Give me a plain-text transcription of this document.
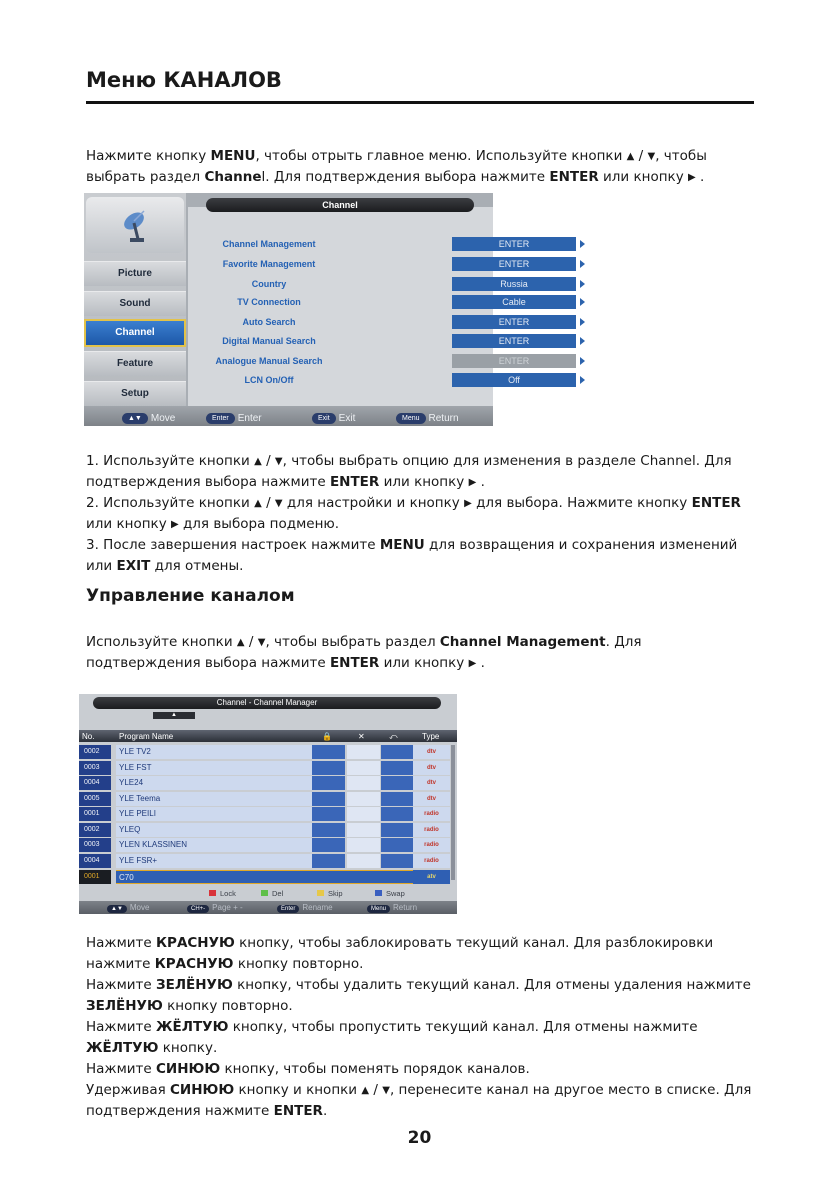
Меню КАНАЛОВ
Нажмите кнопку MENU, чтобы отрыть главное меню. Используйте кнопки ▲ / ▼, чтобы выбрать раздел Channel. Для подтверждения выбора нажмите ENTER или кнопку ▶ .
Picture
Sound
Channel
Feature
Setup
Channel
Channel Management	ENTER
Favorite Management	ENTER
Country	Russia
TV Connection	Cable
Auto Search	ENTER
Digital Manual Search	ENTER
Analogue Manual Search	ENTER
LCN On/Off	Off
▲▼ Move	Enter Enter	Exit Exit	Menu Return
1. Используйте кнопки ▲ / ▼, чтобы выбрать опцию для изменения в разделе Channel. Для подтверждения выбора нажмите ENTER или кнопку ▶ .
2. Используйте кнопки ▲ / ▼ для настройки и кнопку ▶ для выбора. Нажмите кнопку ENTER или кнопку ▶ для выбора подменю.
3. После завершения настроек нажмите MENU для возвращения и сохранения изменений или EXIT для отмены.
Управление каналом
Используйте кнопки ▲ / ▼, чтобы выбрать раздел Channel Management. Для подтверждения выбора нажмите ENTER или кнопку ▶ .
Channel - Channel Manager
▲
No.	Program Name	🔒	✕	⤺	Type
0002	YLE TV2	dtv
0003	YLE FST	dtv
0004	YLE24	dtv
0005	YLE Teema	dtv
0001	YLE PEILI	radio
0002	YLEQ	radio
0003	YLEN KLASSINEN	radio
0004	YLE FSR+	radio
0001	C70	atv
Lock	Del	Skip	Swap
▲▼ Move	CH+- Page + -	Enter Rename	Menu Return
Нажмите КРАСНУЮ кнопку, чтобы заблокировать текущий канал. Для разблокировки нажмите КРАСНУЮ кнопку повторно.
Нажмите ЗЕЛЁНУЮ кнопку, чтобы удалить текущий канал. Для отмены удаления нажмите ЗЕЛЁНУЮ кнопку повторно.
Нажмите ЖЁЛТУЮ кнопку, чтобы пропустить текущий канал. Для отмены нажмите ЖЁЛТУЮ кнопку.
Нажмите СИНЮЮ кнопку, чтобы поменять порядок каналов.
Удерживая СИНЮЮ кнопку и кнопки ▲ / ▼, перенесите канал на другое место в списке. Для подтверждения нажмите ENTER.
20
